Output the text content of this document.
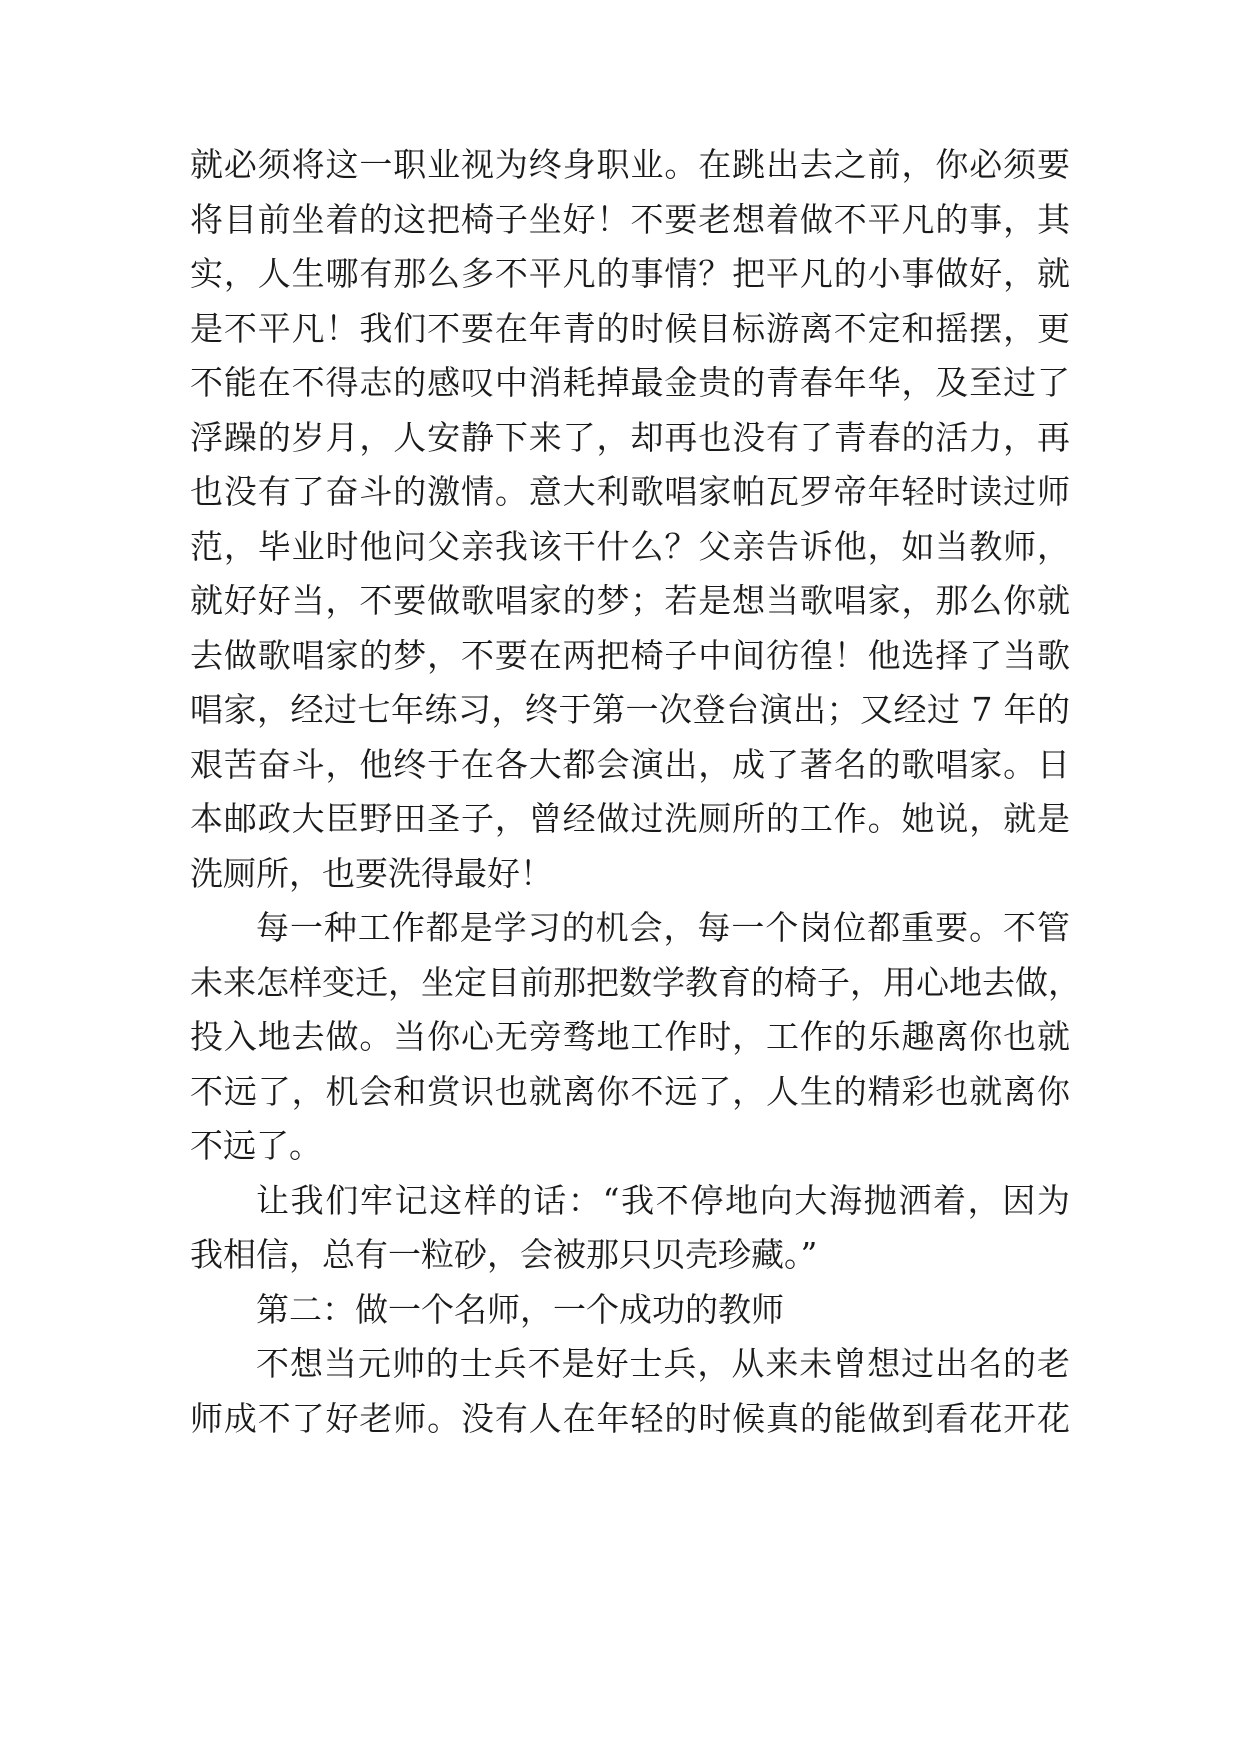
就必须将这一职业视为终身职业。在跳出去之前，你必须要
将目前坐着的这把椅子坐好！不要老想着做不平凡的事，其
实，人生哪有那么多不平凡的事情？把平凡的小事做好，就
是不平凡！我们不要在年青的时候目标游离不定和摇摆，更
不能在不得志的感叹中消耗掉最金贵的青春年华，及至过了
浮躁的岁月，人安静下来了，却再也没有了青春的活力，再
也没有了奋斗的激情。意大利歌唱家帕瓦罗帝年轻时读过师
范，毕业时他问父亲我该干什么？父亲告诉他，如当教师，
就好好当，不要做歌唱家的梦；若是想当歌唱家，那么你就
去做歌唱家的梦，不要在两把椅子中间彷徨！他选择了当歌
唱家，经过七年练习，终于第一次登台演出；又经过 7 年的
艰苦奋斗，他终于在各大都会演出，成了著名的歌唱家。日
本邮政大臣野田圣子，曾经做过洗厕所的工作。她说，就是
洗厕所，也要洗得最好！
每一种工作都是学习的机会，每一个岗位都重要。不管
未来怎样变迁，坐定目前那把数学教育的椅子，用心地去做，
投入地去做。当你心无旁骛地工作时，工作的乐趣离你也就
不远了，机会和赏识也就离你不远了，人生的精彩也就离你
不远了。
让我们牢记这样的话：“我不停地向大海抛洒着，因为
我相信，总有一粒砂，会被那只贝壳珍藏。”
第二：做一个名师，一个成功的教师
不想当元帅的士兵不是好士兵，从来未曾想过出名的老
师成不了好老师。没有人在年轻的时候真的能做到看花开花
